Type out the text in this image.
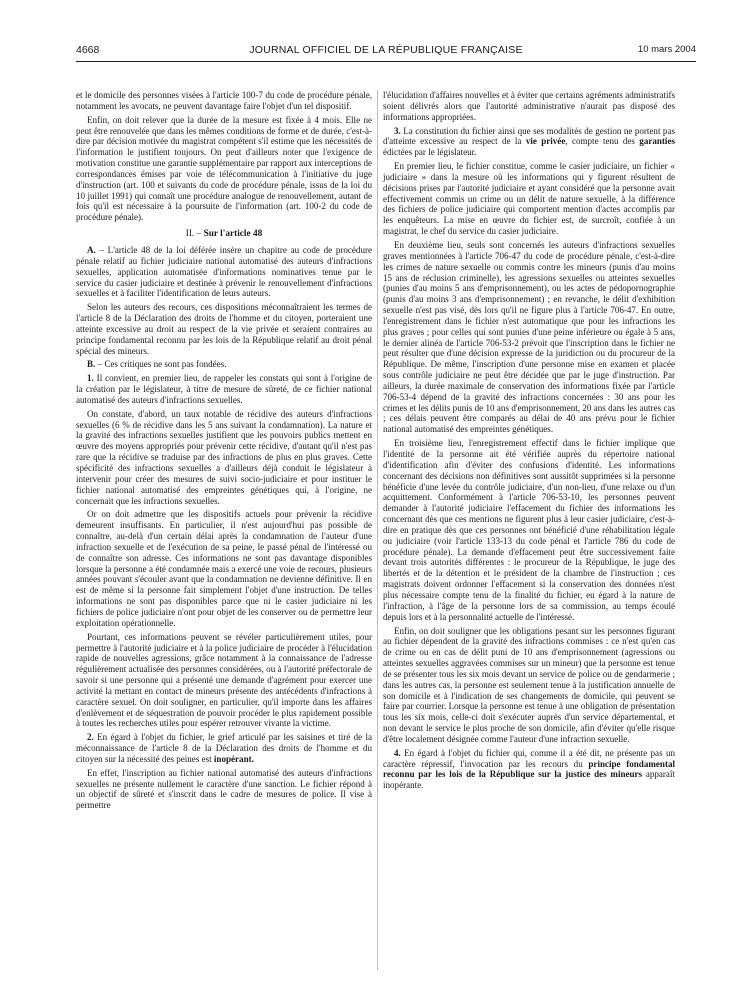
4668	JOURNAL OFFICIEL DE LA RÉPUBLIQUE FRANÇAISE	10 mars 2004

et le domicile des personnes visées à l'article 100-7 du code de procédure pénale, notamment les avocats, ne peuvent davantage faire l'objet d'un tel dispositif.

Enfin, on doit relever que la durée de la mesure est fixée à 4 mois. Elle ne peut être renouvelée que dans les mêmes conditions de forme et de durée, c'est-à-dire par décision motivée du magistrat compétent s'il estime que les nécessités de l'information le justifient toujours. On peut d'ailleurs noter que l'exigence de motivation constitue une garantie supplémentaire par rapport aux interceptions de correspondances émises par voie de télécommunication à l'initiative du juge d'instruction (art. 100 et suivants du code de procédure pénale, issus de la loi du 10 juillet 1991) qui connaît une procédure analogue de renouvellement, autant de fois qu'il est nécessaire à la poursuite de l'information (art. 100-2 du code de procédure pénale).

II. – Sur l'article 48

A. – L'article 48 de la loi déférée insère un chapitre au code de procédure pénale relatif au fichier judiciaire national automatisé des auteurs d'infractions sexuelles, application automatisée d'informations nominatives tenue par le service du casier judiciaire et destinée à prévenir le renouvellement d'infractions sexuelles et à faciliter l'identification de leurs auteurs.

Selon les auteurs des recours, ces dispositions méconnaîtraient les termes de l'article 8 de la Déclaration des droits de l'homme et du citoyen, porteraient une atteinte excessive au droit au respect de la vie privée et seraient contraires au principe fondamental reconnu par les lois de la République relatif au droit pénal spécial des mineurs.

B. – Ces critiques ne sont pas fondées.

1. Il convient, en premier lieu, de rappeler les constats qui sont à l'origine de la création par le législateur, à titre de mesure de sûreté, de ce fichier national automatisé des auteurs d'infractions sexuelles.

On constate, d'abord, un taux notable de récidive des auteurs d'infractions sexuelles (6 % de récidive dans les 5 ans suivant la condamnation). La nature et la gravité des infractions sexuelles justifient que les pouvoirs publics mettent en œuvre des moyens appropriés pour prévenir cette récidive, d'autant qu'il n'est pas rare que la récidive se traduise par des infractions de plus en plus graves. Cette spécificité des infractions sexuelles a d'ailleurs déjà conduit le législateur à intervenir pour créer des mesures de suivi socio-judiciaire et pour instituer le fichier national automatisé des empreintes génétiques qui, à l'origine, ne concernait que les infractions sexuelles.

Or on doit admettre que les dispositifs actuels pour prévenir la récidive demeurent insuffisants. En particulier, il n'est aujourd'hui pas possible de connaître, au-delà d'un certain délai après la condamnation de l'auteur d'une infraction sexuelle et de l'exécution de sa peine, le passé pénal de l'intéressé ou de connaître son adresse. Ces informations ne sont pas davantage disponibles lorsque la personne a été condamnée mais a exercé une voie de recours, plusieurs années pouvant s'écouler avant que la condamnation ne devienne définitive. Il en est de même si la personne fait simplement l'objet d'une instruction. De telles informations ne sont pas disponibles parce que ni le casier judiciaire ni les fichiers de police judiciaire n'ont pour objet de les conserver ou de permettre leur exploitation opérationnelle.

Pourtant, ces informations peuvent se révéler particulièrement utiles, pour permettre à l'autorité judiciaire et à la police judiciaire de procéder à l'élucidation rapide de nouvelles agressions, grâce notamment à la connaissance de l'adresse régulièrement actualisée des personnes considérées, ou à l'autorité préfectorale de savoir si une personne qui a présenté une demande d'agrément pour exercer une activité la mettant en contact de mineurs présente des antécédents d'infractions à caractère sexuel. On doit souligner, en particulier, qu'il importe dans les affaires d'enlèvement et de séquestration de pouvoir procéder le plus rapidement possible à toutes les recherches utiles pour espérer retrouver vivante la victime.

2. En égard à l'objet du fichier, le grief articulé par les saisines et tiré de la méconnaissance de l'article 8 de la Déclaration des droits de l'homme et du citoyen sur la nécessité des peines est inopérant.

En effet, l'inscription au fichier national automatisé des auteurs d'infractions sexuelles ne présente nullement le caractère d'une sanction. Le fichier répond à un objectif de sûreté et s'inscrit dans le cadre de mesures de police. Il vise à permettre

l'élucidation d'affaires nouvelles et à éviter que certains agréments administratifs soient délivrés alors que l'autorité administrative n'aurait pas disposé des informations appropriées.

3. La constitution du fichier ainsi que ses modalités de gestion ne portent pas d'atteinte excessive au respect de la vie privée, compte tenu des garanties édictées par le législateur.

En premier lieu, le fichier constitue, comme le casier judiciaire, un fichier « judiciaire » dans la mesure où les informations qui y figurent résultent de décisions prises par l'autorité judiciaire et ayant considéré que la personne avait effectivement commis un crime ou un délit de nature sexuelle, à la différence des fichiers de police judiciaire qui comportent mention d'actes accomplis par les enquêteurs. La mise en œuvre du fichier est, de surcroît, confiée à un magistrat, le chef du service du casier judiciaire.

En deuxième lieu, seuls sont concernés les auteurs d'infractions sexuelles graves mentionnées à l'article 706-47 du code de procédure pénale, c'est-à-dire les crimes de nature sexuelle ou commis contre les mineurs (punis d'au moins 15 ans de réclusion criminelle), les agressions sexuelles ou atteintes sexuelles (punies d'au moins 5 ans d'emprisonnement), ou les actes de pédopornographie (punis d'au moins 3 ans d'emprisonnement) ; en revanche, le délit d'exhibition sexuelle n'est pas visé, dès lors qu'il ne figure plus à l'article 706-47. En outre, l'enregistrement dans le fichier n'est automatique que pour les infractions les plus graves ; pour celles qui sont punies d'une peine inférieure ou égale à 5 ans, le dernier alinéa de l'article 706-53-2 prévoit que l'inscription dans le fichier ne peut résulter que d'une décision expresse de la juridiction ou du procureur de la République. De même, l'inscription d'une personne mise en examen et placée sous contrôle judiciaire ne peut être décidée que par le juge d'instruction. Par ailleurs, la durée maximale de conservation des informations fixée par l'article 706-53-4 dépend de la gravité des infractions concernées : 30 ans pour les crimes et les délits punis de 10 ans d'emprisonnement, 20 ans dans les autres cas ; ces délais peuvent être comparés au délai de 40 ans prévu pour le fichier national automatisé des empreintes génétiques.

En troisième lieu, l'enregistrement effectif dans le fichier implique que l'identité de la personne ait été vérifiée auprès du répertoire national d'identification afin d'éviter des confusions d'identité. Les informations concernant des décisions non définitives sont aussitôt supprimées si la personne bénéficie d'une levée du contrôle judiciaire, d'un non-lieu, d'une relaxe ou d'un acquittement. Conformément à l'article 706-53-10, les personnes peuvent demander à l'autorité judiciaire l'effacement du fichier des informations les concernant dès que ces mentions ne figurent plus à leur casier judiciaire, c'est-à-dire en pratique dès que ces personnes ont bénéficié d'une réhabilitation légale ou judiciaire (voir l'article 133-13 du code pénal et l'article 786 du code de procédure pénale). La demande d'effacement peut être successivement faite devant trois autorités différentes : le procureur de la République, le juge des libertés et de la détention et le président de la chambre de l'instruction ; ces magistrats doivent ordonner l'effacement si la conservation des données n'est plus nécessaire compte tenu de la finalité du fichier, eu égard à la nature de l'infraction, à l'âge de la personne lors de sa commission, au temps écoulé depuis lors et à la personnalité actuelle de l'intéressé.

Enfin, on doit souligner que les obligations pesant sur les personnes figurant au fichier dépendent de la gravité des infractions commises : ce n'est qu'en cas de crime ou en cas de délit puni de 10 ans d'emprisonnement (agressions ou atteintes sexuelles aggravées commises sur un mineur) que la personne est tenue de se présenter tous les six mois devant un service de police ou de gendarmerie ; dans les autres cas, la personne est seulement tenue à la justification annuelle de son domicile et à l'indication de ses changements de domicile, qui peuvent se faire par courrier. Lorsque la personne est tenue à une obligation de présentation tous les six mois, celle-ci doit s'exécuter auprès d'un service départemental, et non devant le service le plus proche de son domicile, afin d'éviter qu'elle risque d'être localement désignée comme l'auteur d'une infraction sexuelle.

4. En égard à l'objet du fichier qui, comme il a été dit, ne présente pas un caractère répressif, l'invocation par les recours du principe fondamental reconnu par les lois de la République sur la justice des mineurs apparaît inopérante.
